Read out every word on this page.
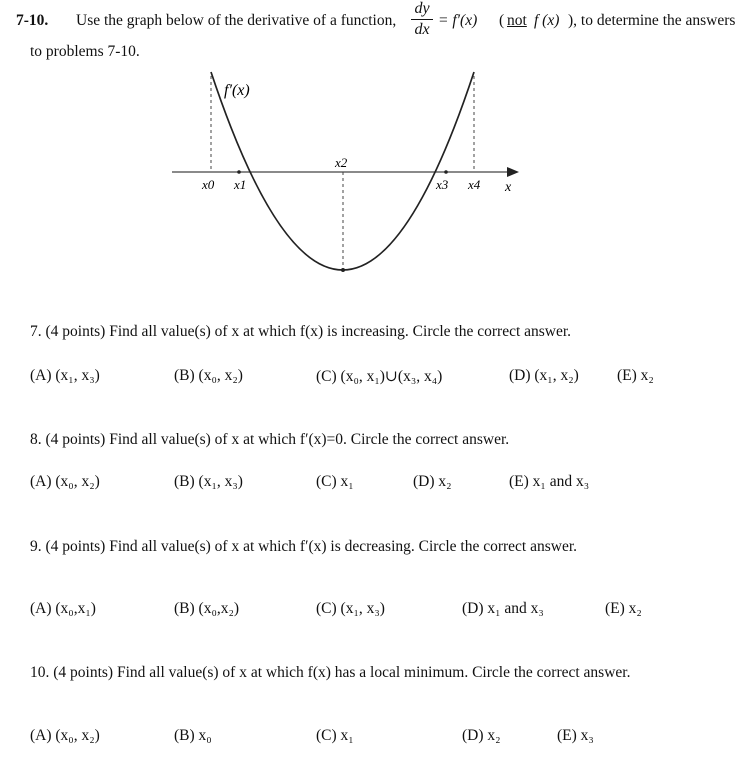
7-10. Use the graph below of the derivative of a function,
dy
dx
= f′(x) ( not f (x) ), to determine the answers
to problems 7-10.
f′(x)
x0 x1
x2
x3 x4 x
7. (4 points) Find all value(s) of x at which f(x) is increasing. Circle the correct answer.
(A) (x₁, x₃)	(B) (x₀, x₂)	(C) (x₀, x₁)∪(x₃, x₄)	(D) (x₁, x₂) (E) x₂
8. (4 points) Find all value(s) of x at which f′(x)=0. Circle the correct answer.
(A) (x₀, x₂)	(B) (x₁, x₃)	(C) x₁	(D) x₂	(E) x₁ and x₃
9. (4 points) Find all value(s) of x at which f′(x) is decreasing. Circle the correct answer.
(A) (x₀,x₁)	(B) (x₀,x₂)	(C) (x₁, x₃)	(D) x₁ and x₃	(E) x₂
10. (4 points) Find all value(s) of x at which f(x) has a local minimum. Circle the correct answer.
(A) (x₀, x₂)	(B) x₀	(C) x₁	(D) x₂	(E) x₃
